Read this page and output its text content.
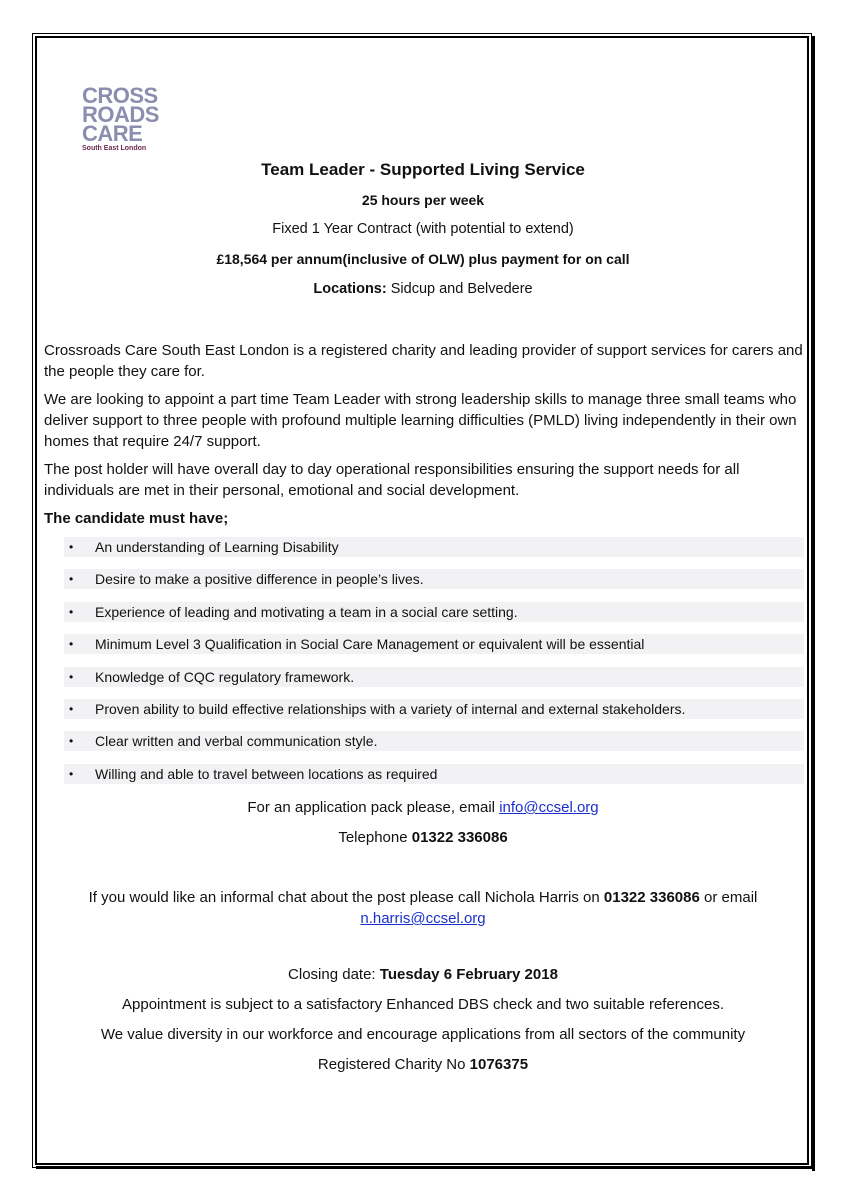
CROSS
ROADS
CARE
South East London
Team Leader - Supported Living Service
25 hours per week
Fixed 1 Year Contract (with potential to extend)
£18,564 per annum(inclusive of OLW) plus payment for on call
Locations: Sidcup and Belvedere
Crossroads Care South East London is a registered charity and leading provider of support services for carers and the people they care for.
We are looking to appoint a part time Team Leader with strong leadership skills to manage three small teams who deliver support to three people with profound multiple learning difficulties (PMLD) living independently in their own homes that require 24/7 support.
The post holder will have overall day to day operational responsibilities ensuring the support needs for all individuals are met in their personal, emotional and social development.
The candidate must have;
• An understanding of Learning Disability
• Desire to make a positive difference in people’s lives.
• Experience of leading and motivating a team in a social care setting.
• Minimum Level 3 Qualification in Social Care Management or equivalent will be essential
• Knowledge of CQC regulatory framework.
• Proven ability to build effective relationships with a variety of internal and external stakeholders.
• Clear written and verbal communication style.
• Willing and able to travel between locations as required
For an application pack please, email info@ccsel.org
Telephone 01322 336086
If you would like an informal chat about the post please call Nichola Harris on 01322 336086 or email
n.harris@ccsel.org
Closing date: Tuesday 6 February 2018
Appointment is subject to a satisfactory Enhanced DBS check and two suitable references.
We value diversity in our workforce and encourage applications from all sectors of the community
Registered Charity No 1076375
